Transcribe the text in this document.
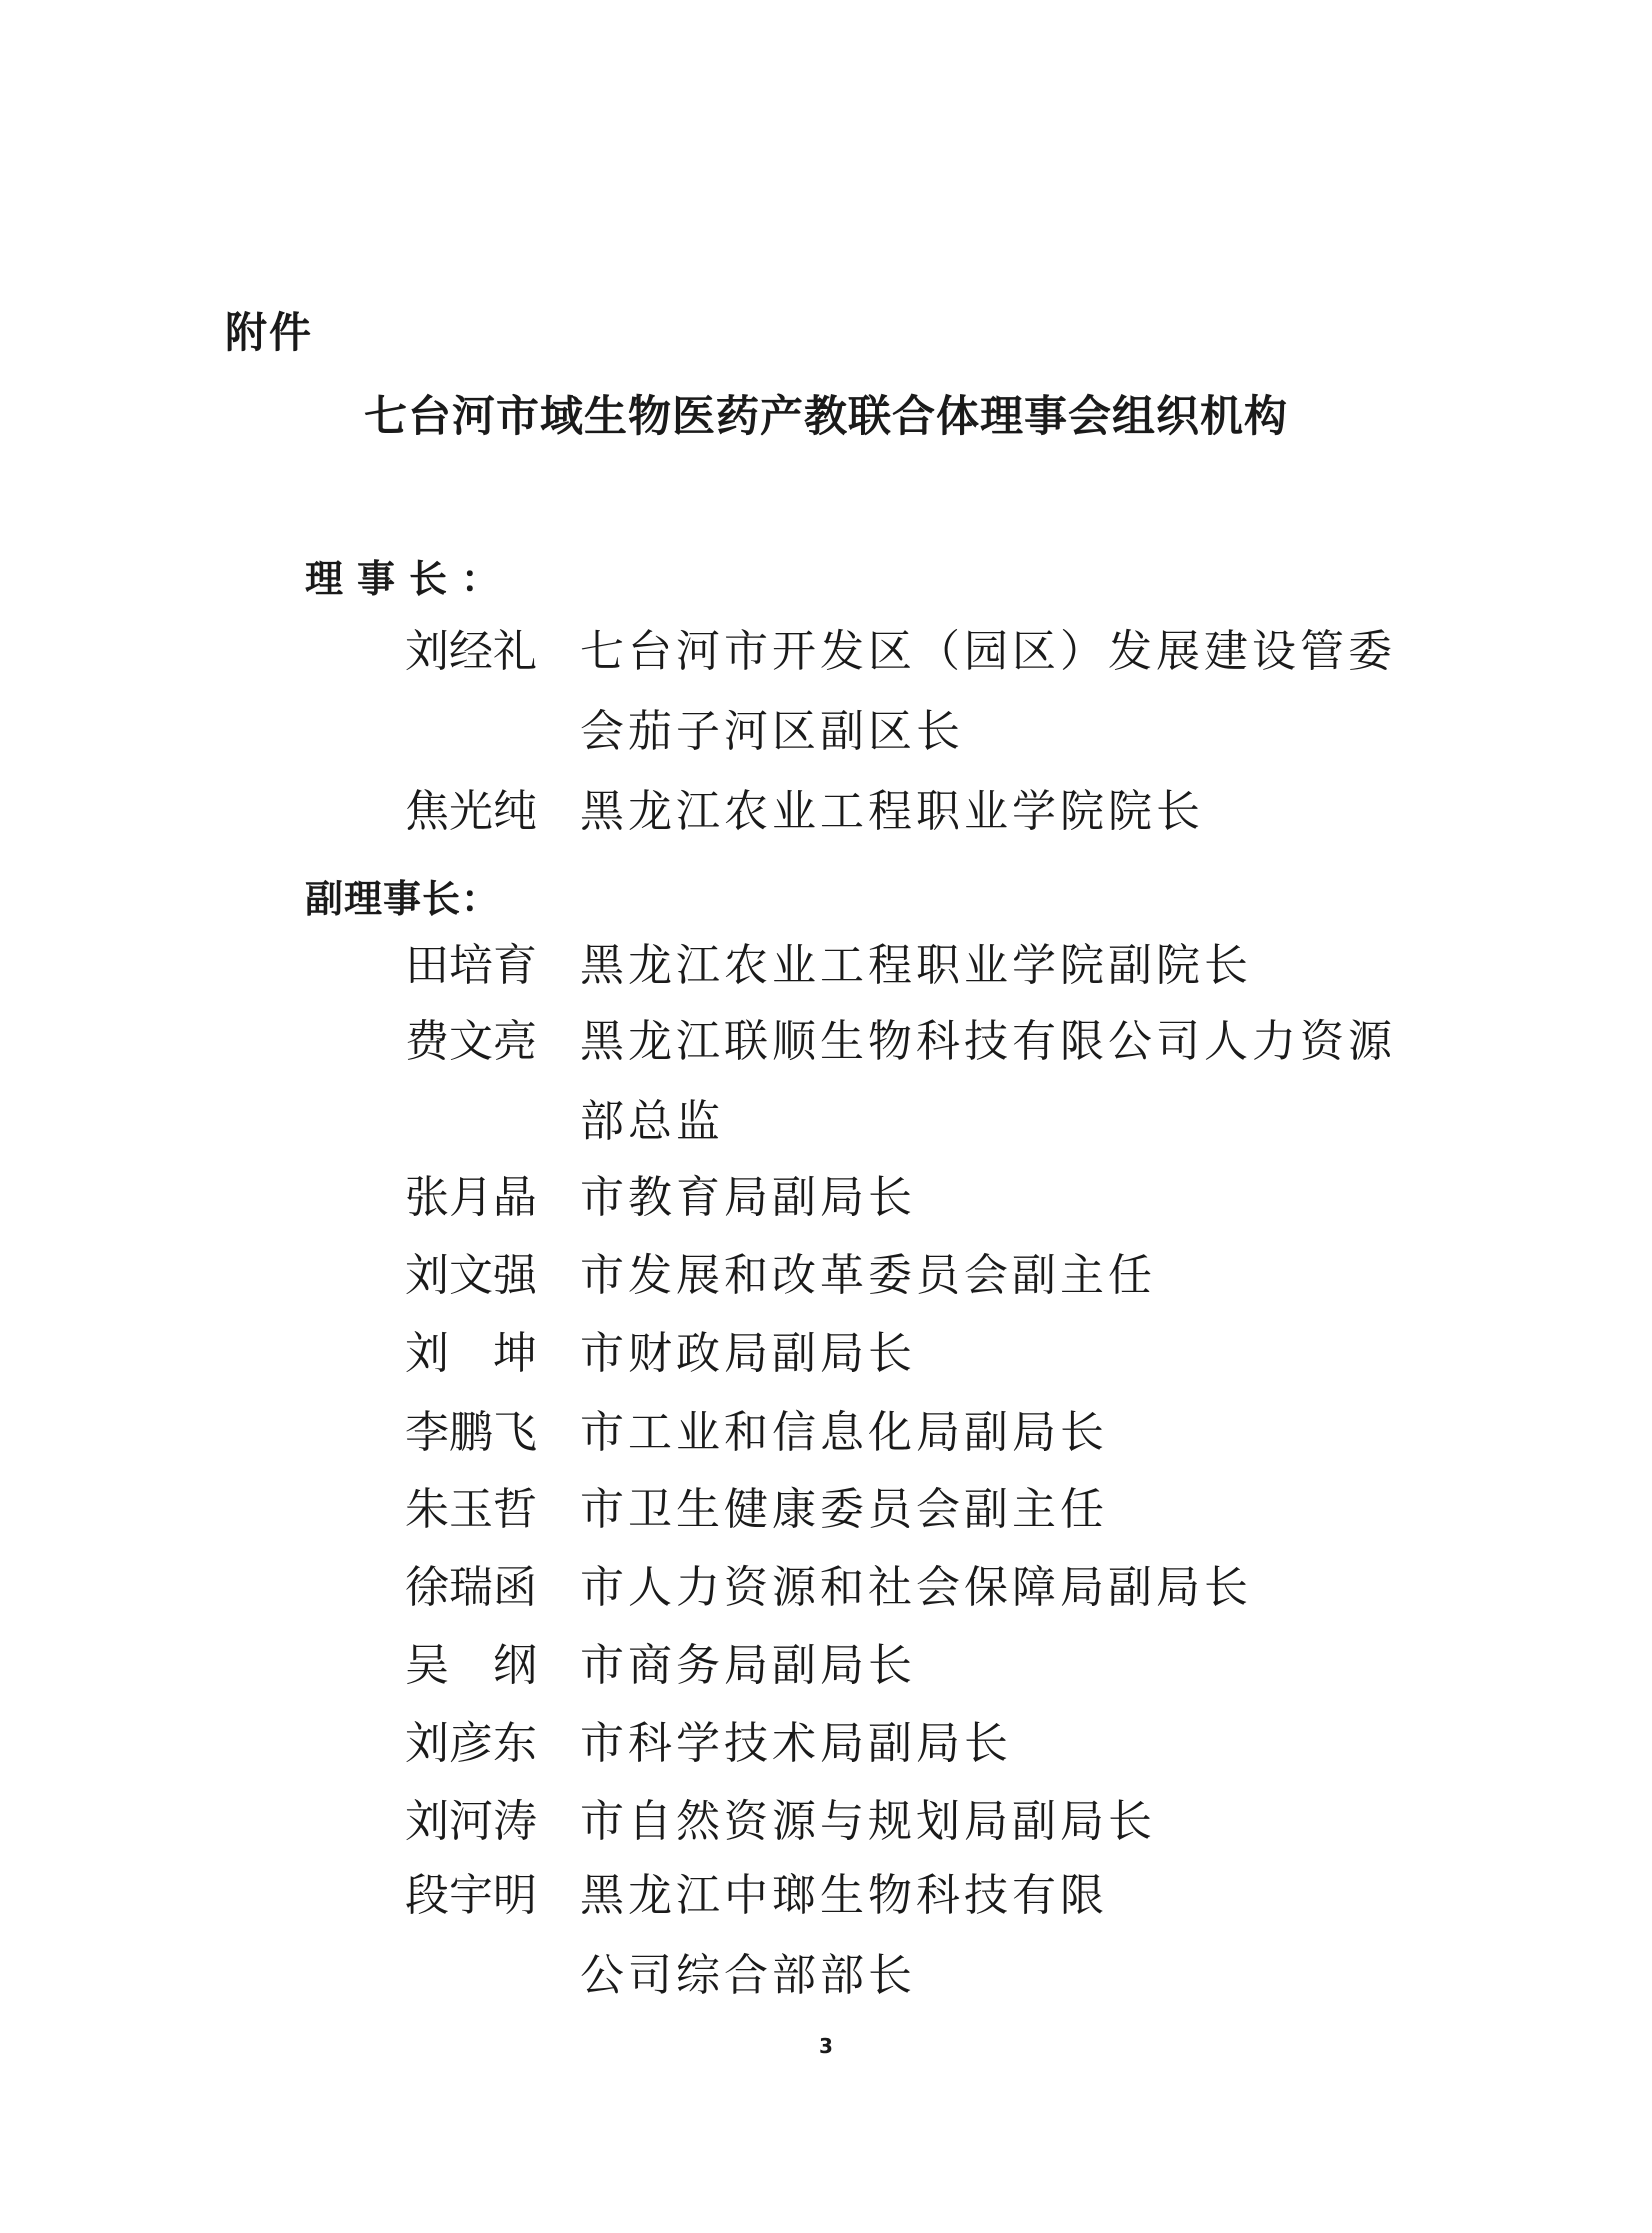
附件
七台河市域生物医药产教联合体理事会组织机构
理事长：
刘经礼 七台河市开发区（园区）发展建设管委会茄子河区副区长
焦光纯 黑龙江农业工程职业学院院长
副理事长：
田培育 黑龙江农业工程职业学院副院长
费文亮 黑龙江联顺生物科技有限公司人力资源部总监
张月晶 市教育局副局长
刘文强 市发展和改革委员会副主任
刘坤 市财政局副局长
李鹏飞 市工业和信息化局副局长
朱玉哲 市卫生健康委员会副主任
徐瑞函 市人力资源和社会保障局副局长
吴纲 市商务局副局长
刘彦东 市科学技术局副局长
刘河涛 市自然资源与规划局副局长
段宇明 黑龙江中瑯生物科技有限公司综合部部长
3
